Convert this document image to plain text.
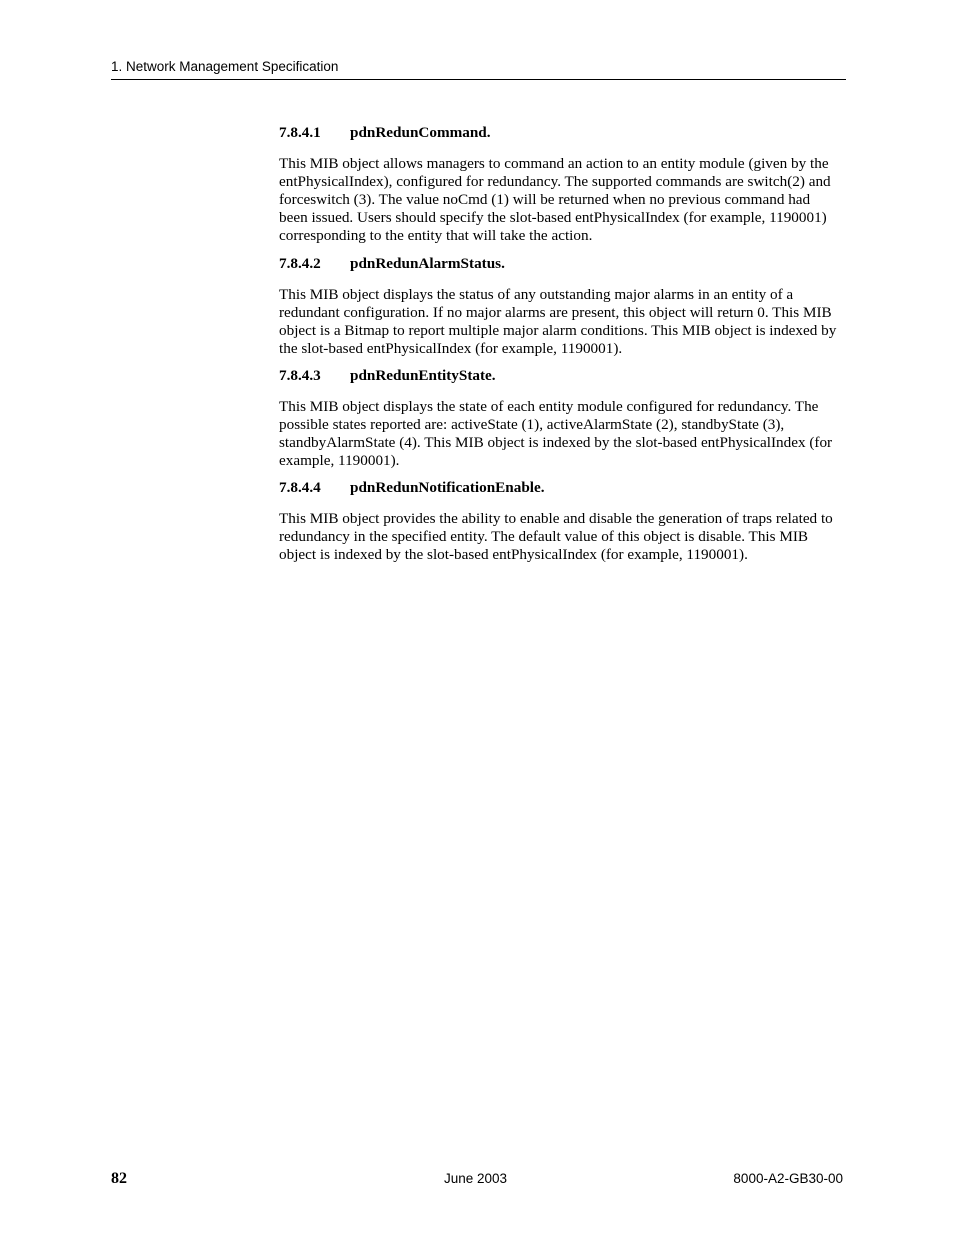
1. Network Management Specification
7.8.4.1 pdnRedunCommand.
This MIB object allows managers to command an action to an entity module (given by the
entPhysicalIndex), configured for redundancy. The supported commands are switch(2) and
forceswitch (3). The value noCmd (1) will be returned when no previous command had
been issued. Users should specify the slot-based entPhysicalIndex (for example, 1190001)
corresponding to the entity that will take the action.
7.8.4.2 pdnRedunAlarmStatus.
This MIB object displays the status of any outstanding major alarms in an entity of a
redundant configuration. If no major alarms are present, this object will return 0. This MIB
object is a Bitmap to report multiple major alarm conditions. This MIB object is indexed by
the slot-based entPhysicalIndex (for example, 1190001).
7.8.4.3 pdnRedunEntityState.
This MIB object displays the state of each entity module configured for redundancy. The
possible states reported are: activeState (1), activeAlarmState (2), standbyState (3),
standbyAlarmState (4). This MIB object is indexed by the slot-based entPhysicalIndex (for
example, 1190001).
7.8.4.4 pdnRedunNotificationEnable.
This MIB object provides the ability to enable and disable the generation of traps related to
redundancy in the specified entity. The default value of this object is disable. This MIB
object is indexed by the slot-based entPhysicalIndex (for example, 1190001).
82	June 2003	8000-A2-GB30-00
